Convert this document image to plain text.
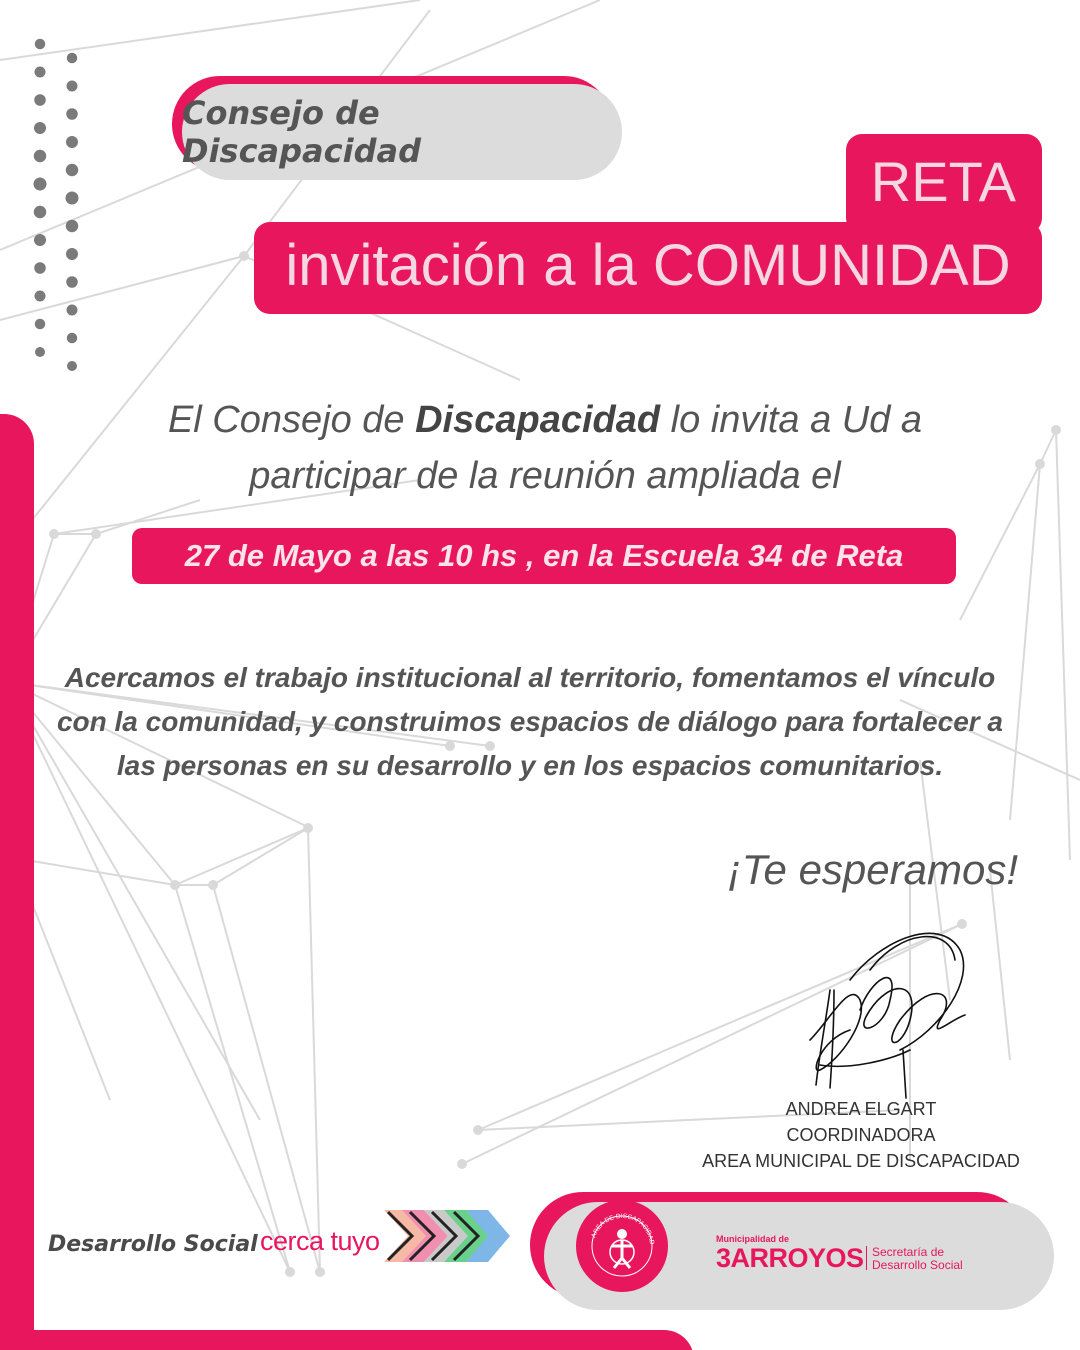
Consejo de Discapacidad	RETA
invitación a la COMUNIDAD
El Consejo de Discapacidad lo invita a Ud a
participar de la reunión ampliada el
27 de Mayo a las 10 hs , en la Escuela 34 de Reta
Acercamos el trabajo institucional al territorio, fomentamos el vínculo con la comunidad, y construimos espacios de diálogo para fortalecer a las personas en su desarrollo y en los espacios comunitarios.
¡Te esperamos!
ANDREA ELGART
COORDINADORA
AREA MUNICIPAL DE DISCAPACIDAD
Desarrollo Social cerca tuyo	AREA DE DISCAPACIDAD	Municipalidad de
3ARROYOS Secretaría de
Desarrollo Social
